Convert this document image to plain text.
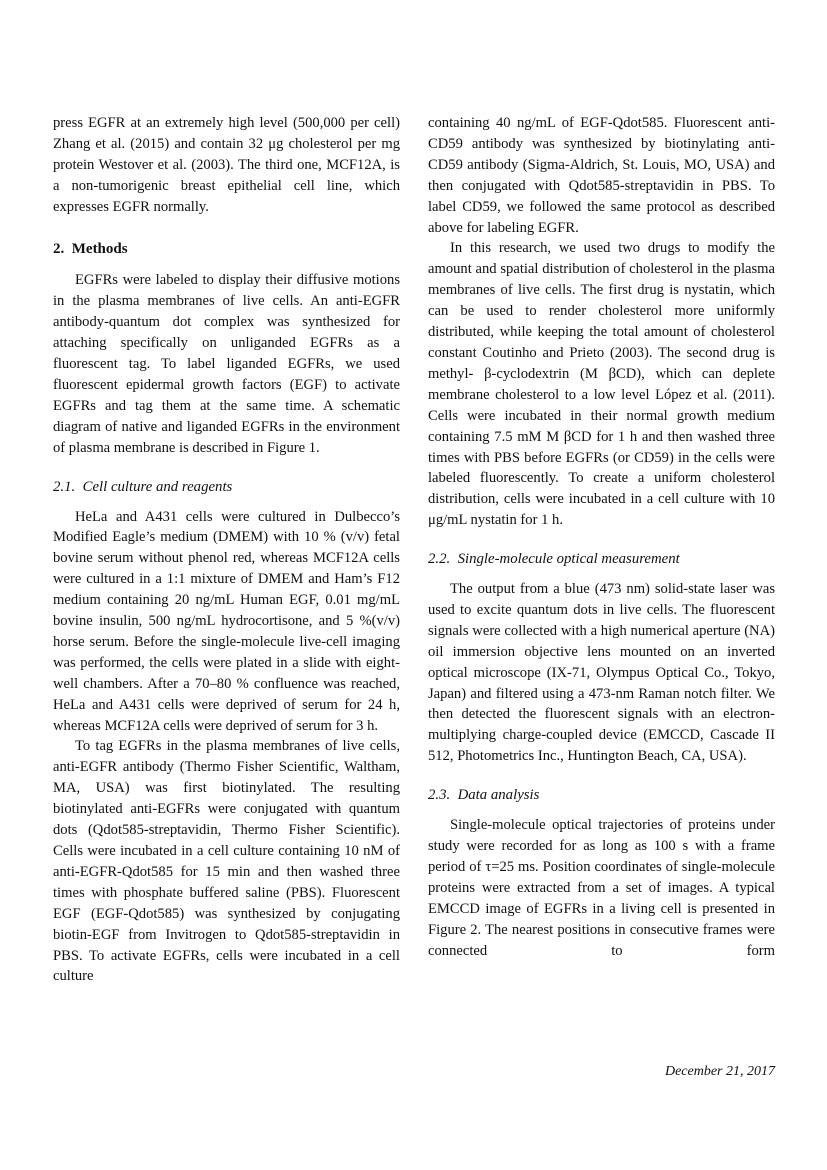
press EGFR at an extremely high level (500,000 per cell) Zhang et al. (2015) and contain 32 μg cholesterol per mg protein Westover et al. (2003). The third one, MCF12A, is a non-tumorigenic breast epithelial cell line, which expresses EGFR normally.

2. Methods

EGFRs were labeled to display their diffusive motions in the plasma membranes of live cells. An anti-EGFR antibody-quantum dot complex was synthesized for attaching specifically on unliganded EGFRs as a fluorescent tag. To label liganded EGFRs, we used fluorescent epidermal growth factors (EGF) to activate EGFRs and tag them at the same time. A schematic diagram of native and liganded EGFRs in the environment of plasma membrane is described in Figure 1.

2.1. Cell culture and reagents

HeLa and A431 cells were cultured in Dulbecco’s Modified Eagle’s medium (DMEM) with 10 % (v/v) fetal bovine serum without phenol red, whereas MCF12A cells were cultured in a 1:1 mixture of DMEM and Ham’s F12 medium containing 20 ng/mL Human EGF, 0.01 mg/mL bovine insulin, 500 ng/mL hydrocortisone, and 5 %(v/v) horse serum. Before the single-molecule live-cell imaging was performed, the cells were plated in a slide with eight-well chambers. After a 70–80 % confluence was reached, HeLa and A431 cells were deprived of serum for 24 h, whereas MCF12A cells were deprived of serum for 3 h.

To tag EGFRs in the plasma membranes of live cells, anti-EGFR antibody (Thermo Fisher Scientific, Waltham, MA, USA) was first biotinylated. The resulting biotinylated anti-EGFRs were conjugated with quantum dots (Qdot585-streptavidin, Thermo Fisher Scientific). Cells were incubated in a cell culture containing 10 nM of anti-EGFR-Qdot585 for 15 min and then washed three times with phosphate buffered saline (PBS). Fluorescent EGF (EGF-Qdot585) was synthesized by conjugating biotin-EGF from Invitrogen to Qdot585-streptavidin in PBS. To activate EGFRs, cells were incubated in a cell culture

containing 40 ng/mL of EGF-Qdot585. Fluorescent anti-CD59 antibody was synthesized by biotinylating anti-CD59 antibody (Sigma-Aldrich, St. Louis, MO, USA) and then conjugated with Qdot585-streptavidin in PBS. To label CD59, we followed the same protocol as described above for labeling EGFR.

In this research, we used two drugs to modify the amount and spatial distribution of cholesterol in the plasma membranes of live cells. The first drug is nystatin, which can be used to render cholesterol more uniformly distributed, while keeping the total amount of cholesterol constant Coutinho and Prieto (2003). The second drug is methyl- β-cyclodextrin (M βCD), which can deplete membrane cholesterol to a low level López et al. (2011). Cells were incubated in their normal growth medium containing 7.5 mM M βCD for 1 h and then washed three times with PBS before EGFRs (or CD59) in the cells were labeled fluorescently. To create a uniform cholesterol distribution, cells were incubated in a cell culture with 10 μg/mL nystatin for 1 h.

2.2. Single-molecule optical measurement

The output from a blue (473 nm) solid-state laser was used to excite quantum dots in live cells. The fluorescent signals were collected with a high numerical aperture (NA) oil immersion objective lens mounted on an inverted optical microscope (IX-71, Olympus Optical Co., Tokyo, Japan) and filtered using a 473-nm Raman notch filter. We then detected the fluorescent signals with an electron-multiplying charge-coupled device (EMCCD, Cascade II 512, Photometrics Inc., Huntington Beach, CA, USA).

2.3. Data analysis

Single-molecule optical trajectories of proteins under study were recorded for as long as 100 s with a frame period of τ=25 ms. Position coordinates of single-molecule proteins were extracted from a set of images. A typical EMCCD image of EGFRs in a living cell is presented in Figure 2. The nearest positions in consecutive frames were connected to form

December 21, 2017
